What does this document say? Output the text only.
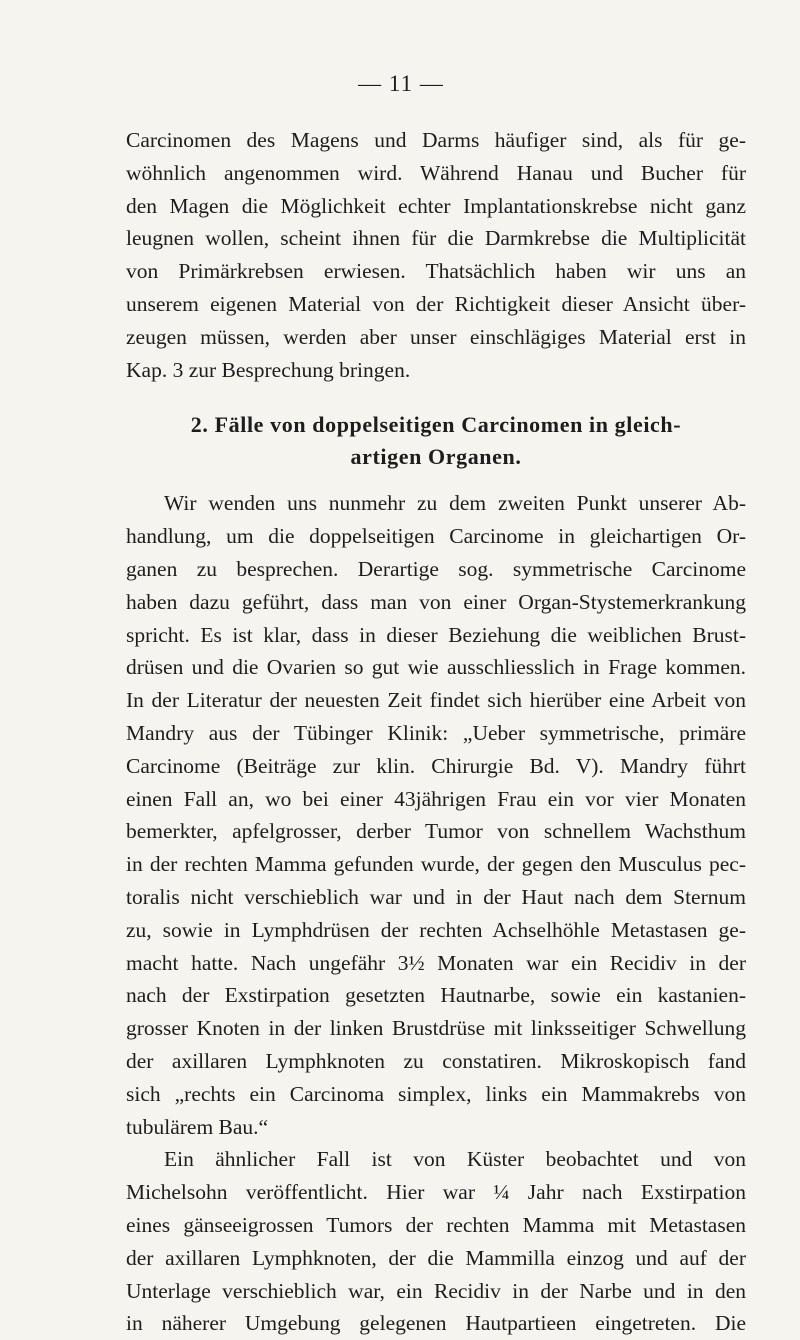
— 11 —
Carcinomen des Magens und Darms häufiger sind, als für ge-
wöhnlich angenommen wird. Während Hanau und Bucher für
den Magen die Möglichkeit echter Implantationskrebse nicht ganz
leugnen wollen, scheint ihnen für die Darmkrebse die Multiplicität
von Primärkrebsen erwiesen. Thatsächlich haben wir uns an
unserem eigenen Material von der Richtigkeit dieser Ansicht über-
zeugen müssen, werden aber unser einschlägiges Material erst in
Kap. 3 zur Besprechung bringen.
2. Fälle von doppelseitigen Carcinomen in gleich-
artigen Organen.
Wir wenden uns nunmehr zu dem zweiten Punkt unserer Ab-
handlung, um die doppelseitigen Carcinome in gleichartigen Or-
ganen zu besprechen. Derartige sog. symmetrische Carcinome
haben dazu geführt, dass man von einer Organ-Stystemerkrankung
spricht. Es ist klar, dass in dieser Beziehung die weiblichen Brust-
drüsen und die Ovarien so gut wie ausschliesslich in Frage kommen.
In der Literatur der neuesten Zeit findet sich hierüber eine Arbeit von
Mandry aus der Tübinger Klinik: „Ueber symmetrische, primäre
Carcinome (Beiträge zur klin. Chirurgie Bd. V). Mandry führt
einen Fall an, wo bei einer 43jährigen Frau ein vor vier Monaten
bemerkter, apfelgrosser, derber Tumor von schnellem Wachsthum
in der rechten Mamma gefunden wurde, der gegen den Musculus pec-
toralis nicht verschieblich war und in der Haut nach dem Sternum
zu, sowie in Lymphdrüsen der rechten Achselhöhle Metastasen ge-
macht hatte. Nach ungefähr 3½ Monaten war ein Recidiv in der
nach der Exstirpation gesetzten Hautnarbe, sowie ein kastanien-
grosser Knoten in der linken Brustdrüse mit linksseitiger Schwellung
der axillaren Lymphknoten zu constatiren. Mikroskopisch fand
sich „rechts ein Carcinoma simplex, links ein Mammakrebs von
tubulärem Bau.“
Ein ähnlicher Fall ist von Küster beobachtet und von
Michelsohn veröffentlicht. Hier war ¼ Jahr nach Exstirpation
eines gänseeigrossen Tumors der rechten Mamma mit Metastasen
der axillaren Lymphknoten, der die Mammilla einzog und auf der
Unterlage verschieblich war, ein Recidiv in der Narbe und in den
in näherer Umgebung gelegenen Hautpartieen eingetreten. Die
